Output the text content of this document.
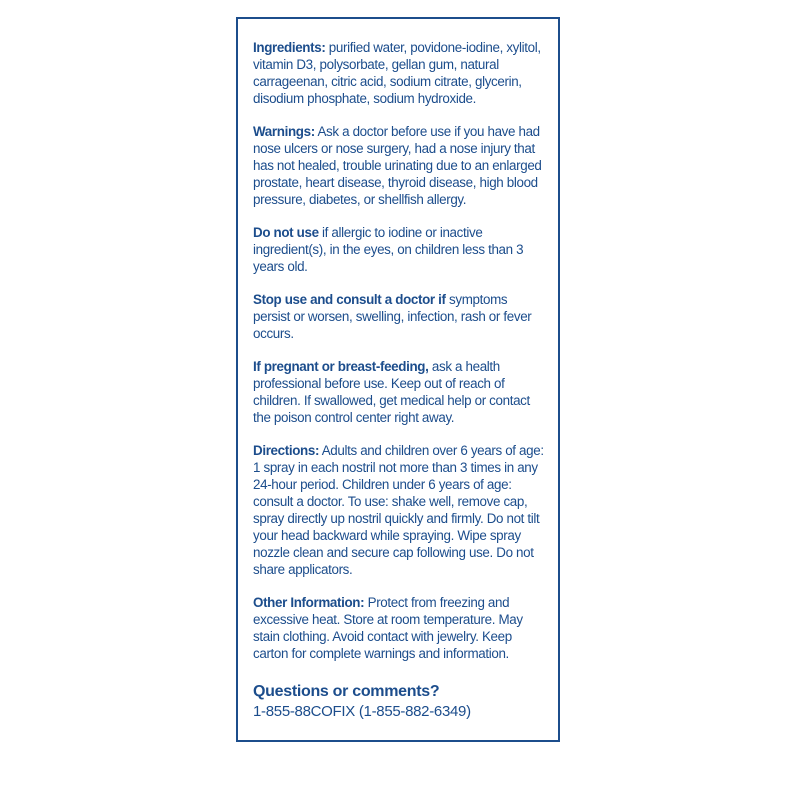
Ingredients: purified water, povidone-iodine, xylitol, vitamin D3, polysorbate, gellan gum, natural carrageenan, citric acid, sodium citrate, glycerin, disodium phosphate, sodium hydroxide.

Warnings: Ask a doctor before use if you have had nose ulcers or nose surgery, had a nose injury that has not healed, trouble urinating due to an enlarged prostate, heart disease, thyroid disease, high blood pressure, diabetes, or shellfish allergy.

Do not use if allergic to iodine or inactive ingredient(s), in the eyes, on children less than 3 years old.

Stop use and consult a doctor if symptoms persist or worsen, swelling, infection, rash or fever occurs.

If pregnant or breast-feeding, ask a health professional before use. Keep out of reach of children. If swallowed, get medical help or contact the poison control center right away.

Directions: Adults and children over 6 years of age: 1 spray in each nostril not more than 3 times in any 24-hour period. Children under 6 years of age: consult a doctor. To use: shake well, remove cap, spray directly up nostril quickly and firmly. Do not tilt your head backward while spraying. Wipe spray nozzle clean and secure cap following use. Do not share applicators.

Other Information: Protect from freezing and excessive heat. Store at room temperature. May stain clothing. Avoid contact with jewelry. Keep carton for complete warnings and information.

Questions or comments?
1-855-88COFIX (1-855-882-6349)
